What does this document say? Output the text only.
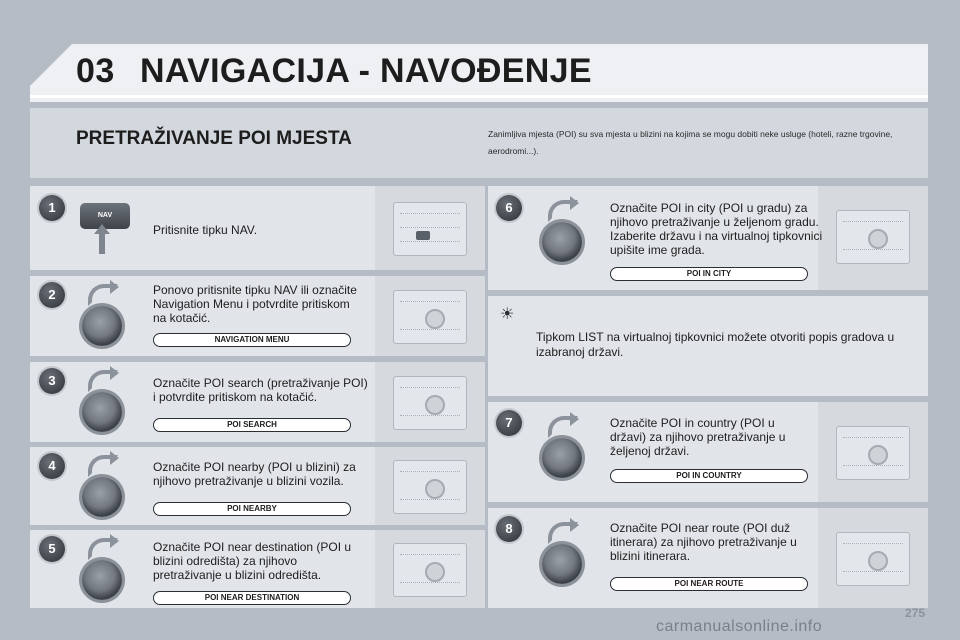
03 NAVIGACIJA - NAVOĐENJE
PRETRAŽIVANJE POI MJESTA	Zanimljiva mjesta (POI) su sva mjesta u blizini na kojima se mogu dobiti neke usluge (hoteli, razne trgovine, aerodromi...).
1
NAV
Pritisnite tipku NAV.
2	Ponovo pritisnite tipku NAV ili označite Navigation Menu i potvrdite pritiskom na kotačić.
NAVIGATION MENU
3	Označite POI search (pretraživanje POI) i potvrdite pritiskom na kotačić.
POI SEARCH
4	Označite POI nearby (POI u blizini) za njihovo pretraživanje u blizini vozila.
POI NEARBY
5	Označite POI near destination (POI u blizini odredišta) za njihovo pretraživanje u blizini odredišta.
POI NEAR DESTINATION
6	Označite POI in city (POI u gradu) za njihovo pretraživanje u željenom gradu. Izaberite državu i na virtualnoj tipkovnici upišite ime grada.
POI IN CITY
☀
Tipkom LIST na virtualnoj tipkovnici možete otvoriti popis gradova u izabranoj državi.
7	Označite POI in country (POI u državi) za njihovo pretraživanje u željenoj državi.
POI IN COUNTRY
8	Označite POI near route (POI duž itinerara) za njihovo pretraživanje u blizini itinerara.
POI NEAR ROUTE
275
carmanualsonline.info
